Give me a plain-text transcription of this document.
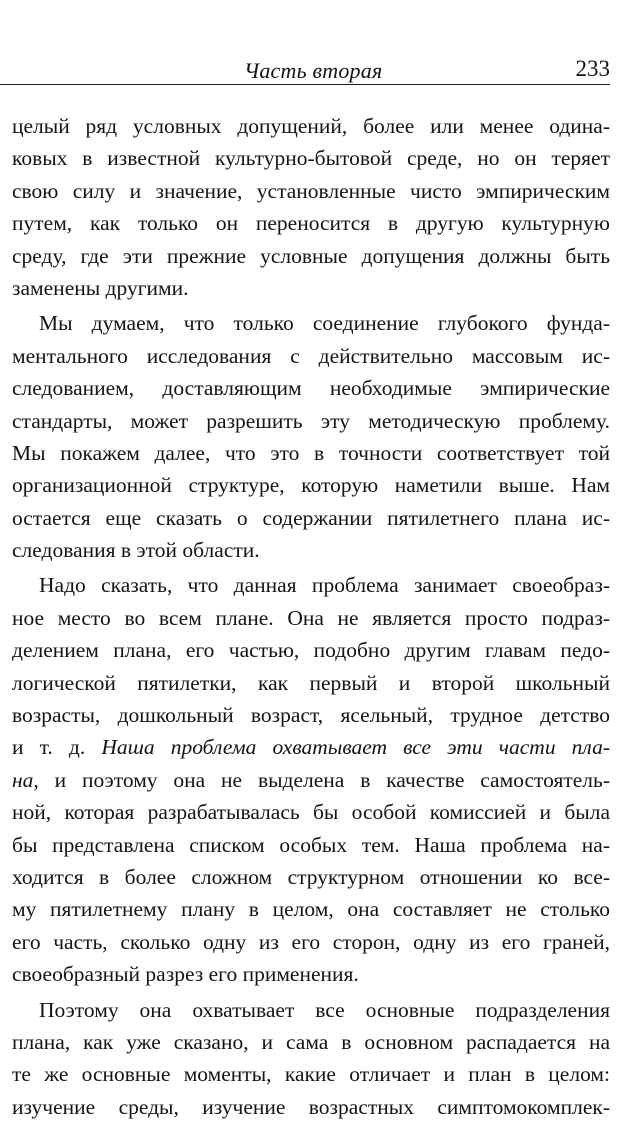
Часть вторая	233
целый ряд условных допущений, более или менее одина-
ковых в известной культурно-бытовой среде, но он теряет
свою силу и значение, установленные чисто эмпирическим
путем, как только он переносится в другую культурную
среду, где эти прежние условные допущения должны быть
заменены другими.
Мы думаем, что только соединение глубокого фунда-
ментального исследования с действительно массовым ис-
следованием, доставляющим необходимые эмпирические
стандарты, может разрешить эту методическую проблему.
Мы покажем далее, что это в точности соответствует той
организационной структуре, которую наметили выше. Нам
остается еще сказать о содержании пятилетнего плана ис-
следования в этой области.
Надо сказать, что данная проблема занимает своеобраз-
ное место во всем плане. Она не является просто подраз-
делением плана, его частью, подобно другим главам педо-
логической пятилетки, как первый и второй школьный
возрасты, дошкольный возраст, ясельный, трудное детство
и т. д. Наша проблема охватывает все эти части пла-
на, и поэтому она не выделена в качестве самостоятель-
ной, которая разрабатывалась бы особой комиссией и была
бы представлена списком особых тем. Наша проблема на-
ходится в более сложном структурном отношении ко все-
му пятилетнему плану в целом, она составляет не столько
его часть, сколько одну из его сторон, одну из его граней,
своеобразный разрез его применения.
Поэтому она охватывает все основные подразделения
плана, как уже сказано, и сама в основном распадается на
те же основные моменты, какие отличает и план в целом:
изучение среды, изучение возрастных симптомокомплек-
